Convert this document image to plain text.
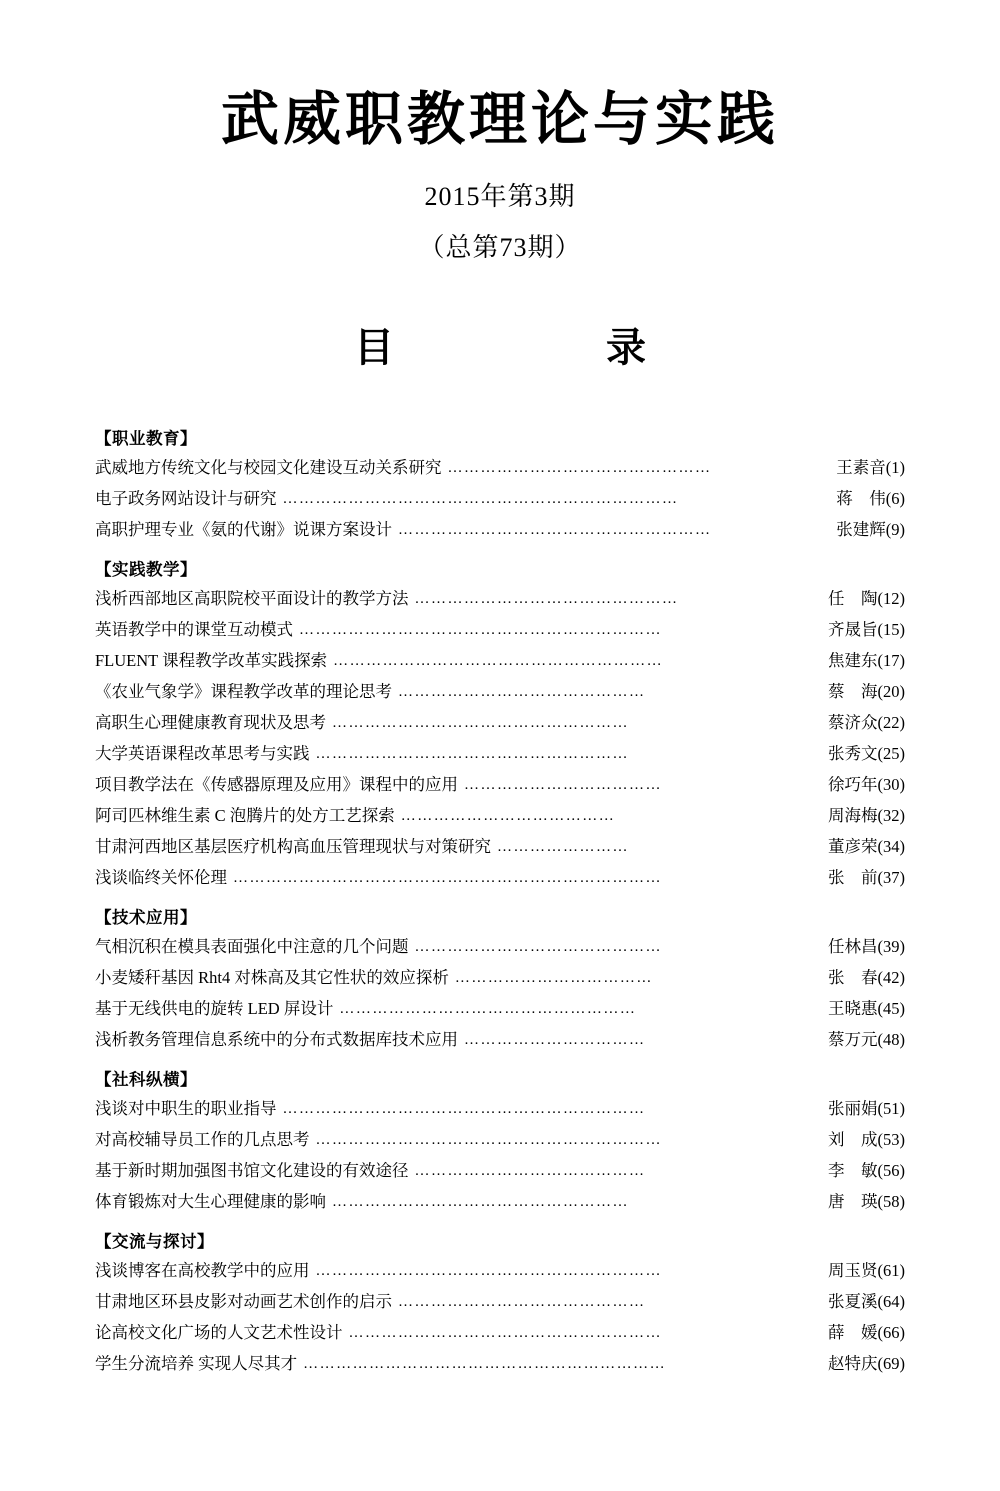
武威职教理论与实践
2015年第3期
（总第73期）
目　　录
【职业教育】
武威地方传统文化与校园文化建设互动关系研究 …………………………………………	王素音(1)
电子政务网站设计与研究 ………………………………………………………………	蒋　伟(6)
高职护理专业《氨的代谢》说课方案设计 …………………………………………………	张建辉(9)
【实践教学】
浅析西部地区高职院校平面设计的教学方法 …………………………………………	任　陶(12)
英语教学中的课堂互动模式 …………………………………………………………	齐晟旨(15)
FLUENT 课程教学改革实践探索 ……………………………………………………	焦建东(17)
《农业气象学》课程教学改革的理论思考 ………………………………………	蔡　海(20)
高职生心理健康教育现状及思考 ………………………………………………	蔡济众(22)
大学英语课程改革思考与实践 …………………………………………………	张秀文(25)
项目教学法在《传感器原理及应用》课程中的应用 ………………………………	徐巧年(30)
阿司匹林维生素 C 泡腾片的处方工艺探索 …………………………………	周海梅(32)
甘肃河西地区基层医疗机构高血压管理现状与对策研究 ……………………	董彦荣(34)
浅谈临终关怀伦理 ……………………………………………………………………	张　前(37)
【技术应用】
气相沉积在模具表面强化中注意的几个问题 ………………………………………	任林昌(39)
小麦矮秆基因 Rht4 对株高及其它性状的效应探析 ………………………………	张　春(42)
基于无线供电的旋转 LED 屏设计 ………………………………………………	王晓惠(45)
浅析教务管理信息系统中的分布式数据库技术应用 ……………………………	蔡万元(48)
【社科纵横】
浅谈对中职生的职业指导 …………………………………………………………	张丽娟(51)
对高校辅导员工作的几点思考 ………………………………………………………	刘　成(53)
基于新时期加强图书馆文化建设的有效途径 ……………………………………	李　敏(56)
体育锻炼对大生心理健康的影响 ………………………………………………	唐　瑛(58)
【交流与探讨】
浅谈博客在高校教学中的应用 ………………………………………………………	周玉贤(61)
甘肃地区环县皮影对动画艺术创作的启示 ………………………………………	张夏溪(64)
论高校文化广场的人文艺术性设计 …………………………………………………	薛　媛(66)
学生分流培养 实现人尽其才 …………………………………………………………	赵特庆(69)
